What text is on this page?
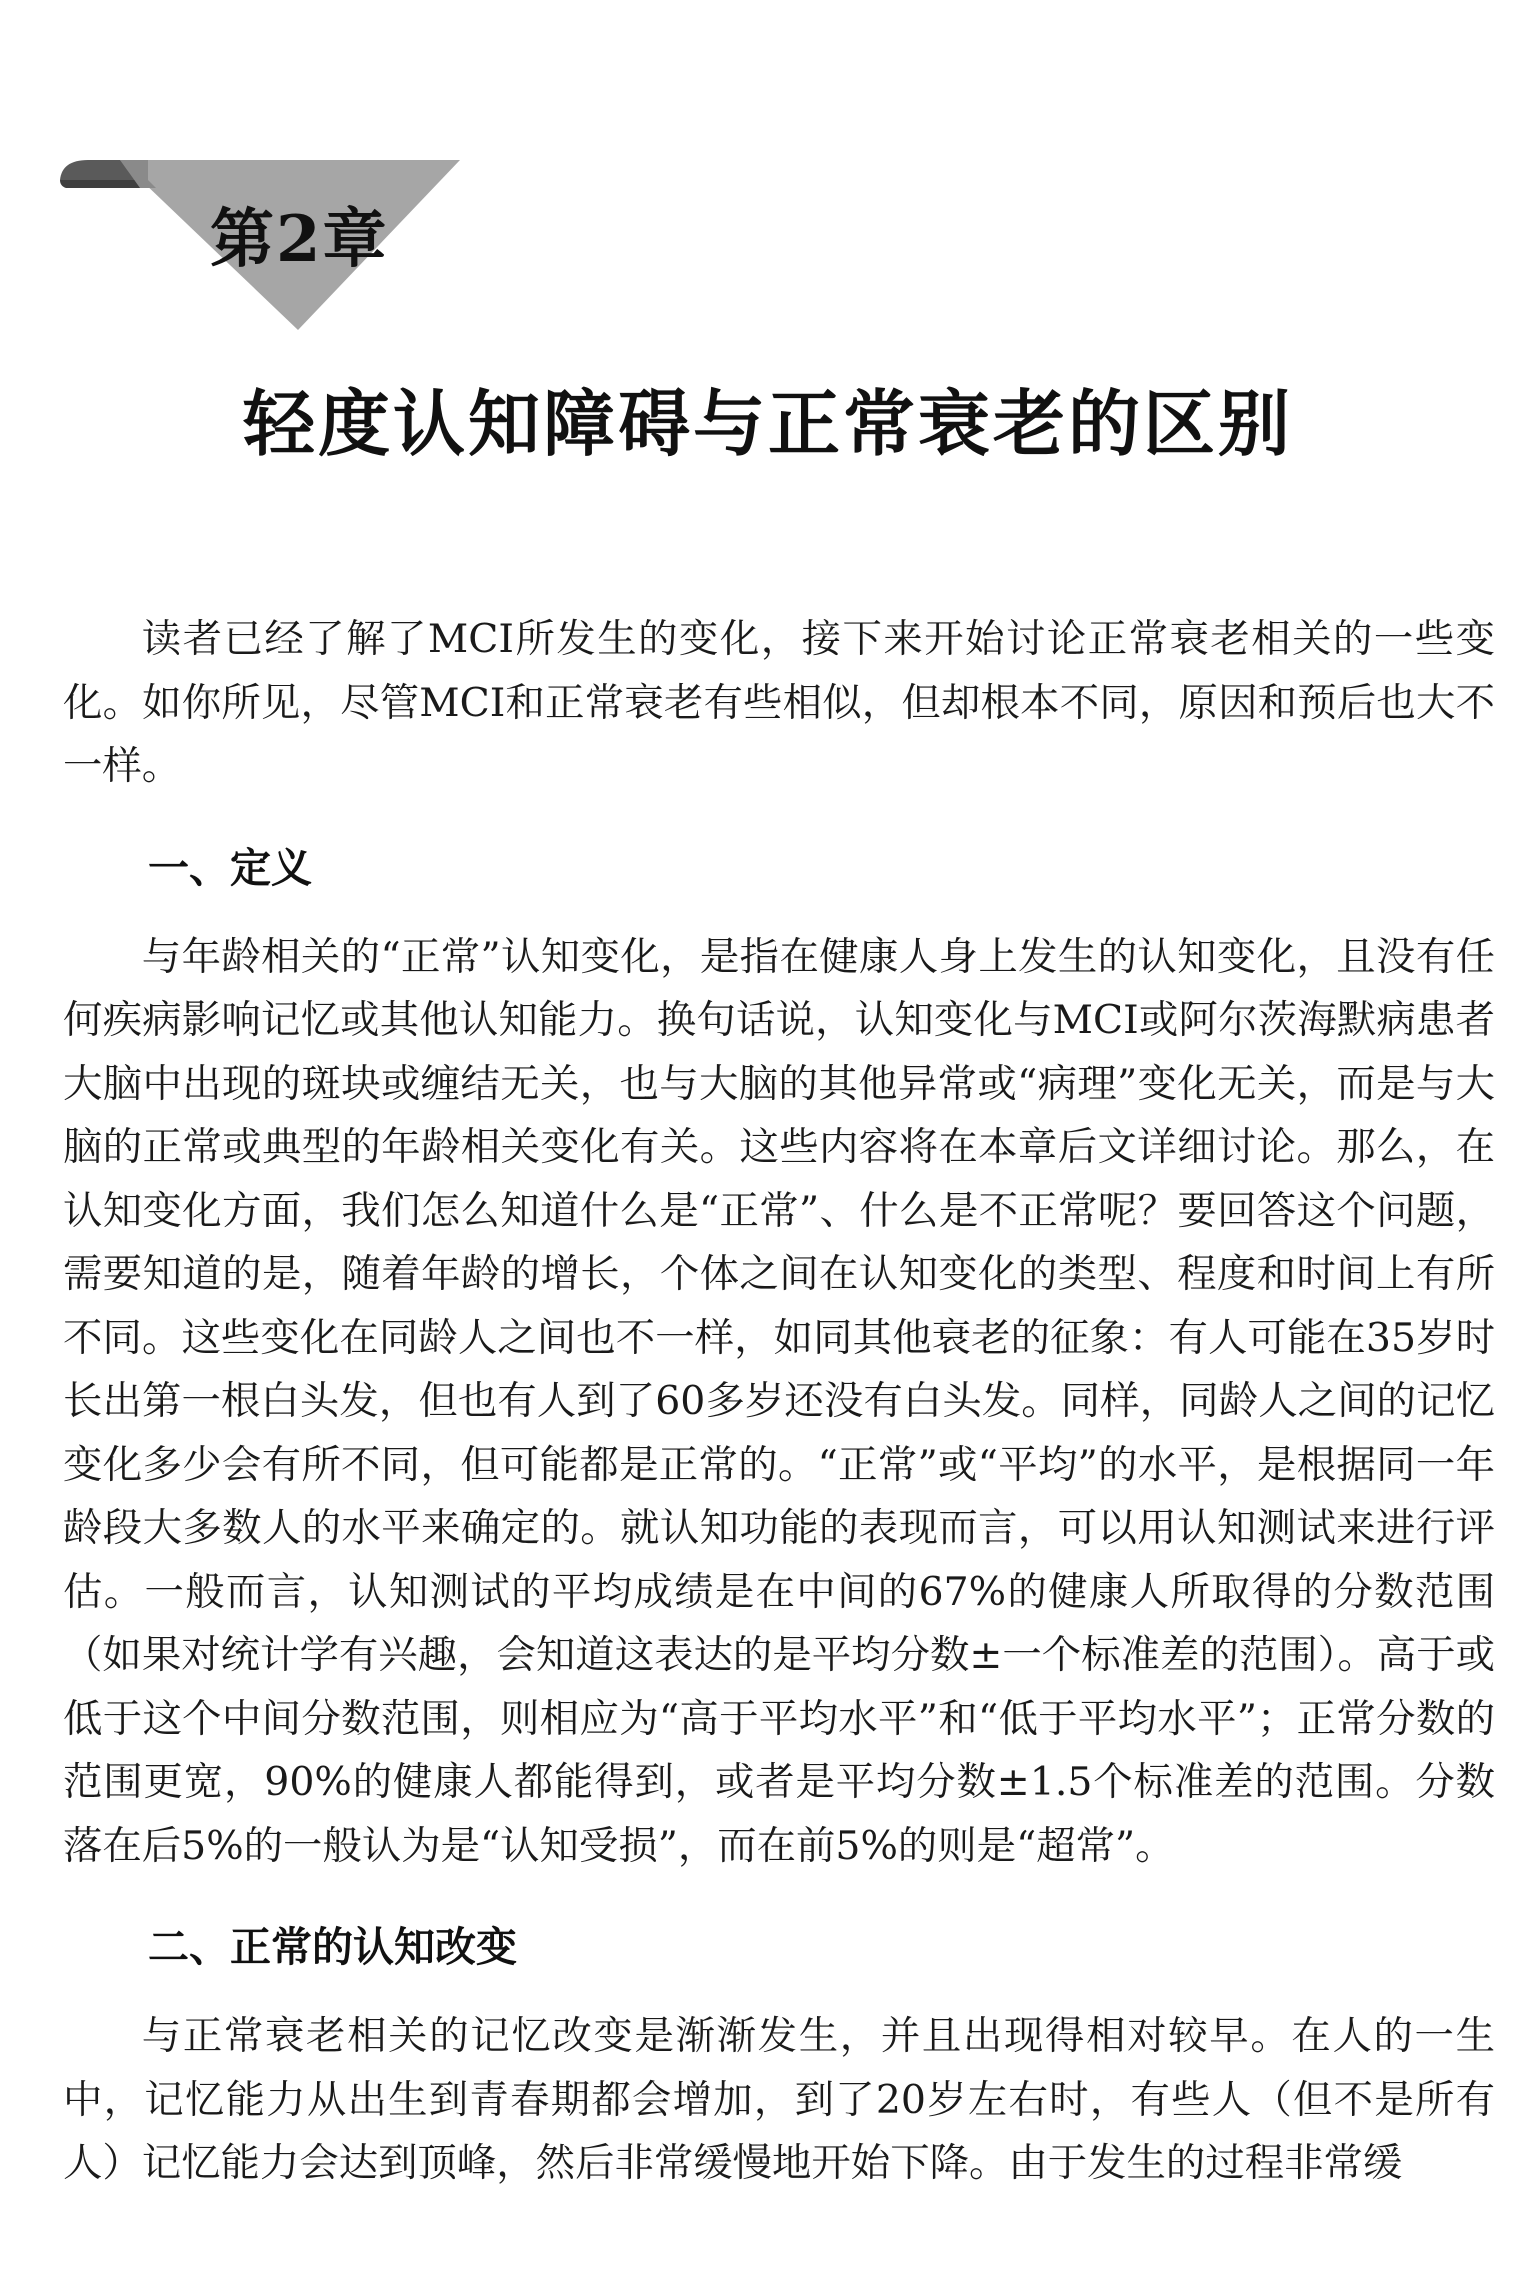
第2章
轻度认知障碍与正常衰老的区别

读者已经了解了MCI所发生的变化，接下来开始讨论正常衰老相关的一些变化。如你所见，尽管MCI和正常衰老有些相似，但却根本不同，原因和预后也大不一样。

一、定义

与年龄相关的“正常”认知变化，是指在健康人身上发生的认知变化，且没有任何疾病影响记忆或其他认知能力。换句话说，认知变化与MCI或阿尔茨海默病患者大脑中出现的斑块或缠结无关，也与大脑的其他异常或“病理”变化无关，而是与大脑的正常或典型的年龄相关变化有关。这些内容将在本章后文详细讨论。那么，在认知变化方面，我们怎么知道什么是“正常”、什么是不正常呢？要回答这个问题，需要知道的是，随着年龄的增长，个体之间在认知变化的类型、程度和时间上有所不同。这些变化在同龄人之间也不一样，如同其他衰老的征象：有人可能在35岁时长出第一根白头发，但也有人到了60多岁还没有白头发。同样，同龄人之间的记忆变化多少会有所不同，但可能都是正常的。“正常”或“平均”的水平，是根据同一年龄段大多数人的水平来确定的。就认知功能的表现而言，可以用认知测试来进行评估。一般而言，认知测试的平均成绩是在中间的67%的健康人所取得的分数范围（如果对统计学有兴趣，会知道这表达的是平均分数±一个标准差的范围）。高于或低于这个中间分数范围，则相应为“高于平均水平”和“低于平均水平”；正常分数的范围更宽，90%的健康人都能得到，或者是平均分数±1.5个标准差的范围。分数落在后5%的一般认为是“认知受损”，而在前5%的则是“超常”。

二、正常的认知改变

与正常衰老相关的记忆改变是渐渐发生，并且出现得相对较早。在人的一生中，记忆能力从出生到青春期都会增加，到了20岁左右时，有些人（但不是所有人）记忆能力会达到顶峰，然后非常缓慢地开始下降。由于发生的过程非常缓
